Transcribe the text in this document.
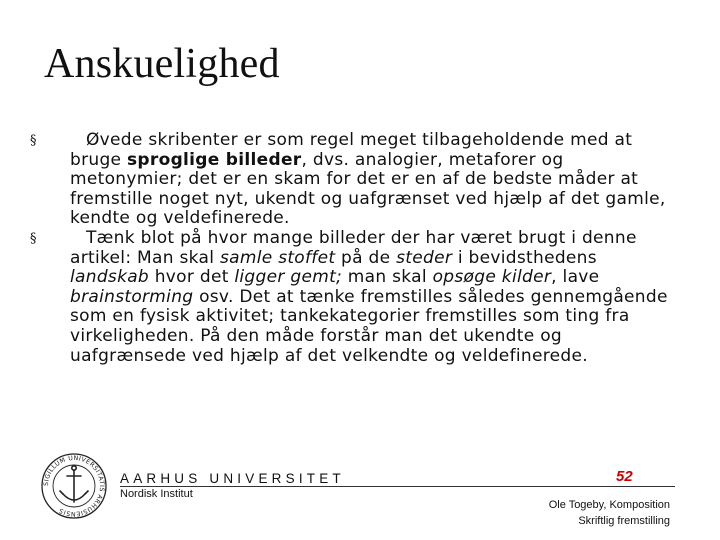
Anskuelighed
§	Øvede skribenter er som regel meget tilbageholdende med at bruge sproglige billeder, dvs. analogier, metaforer og metonymier; det er en skam for det er en af de bedste måder at fremstille noget nyt, ukendt og uafgrænset ved hjælp af det gamle, kendte og veldefinerede.
§	Tænk blot på hvor mange billeder der har været brugt i denne artikel: Man skal samle stoffet på de steder i bevidsthedens landskab hvor det ligger gemt; man skal opsøge kilder, lave brainstorming osv. Det at tænke fremstilles således gennemgående som en fysisk aktivitet; tankekategorier fremstilles som ting fra virkeligheden. På den måde forstår man det ukendte og uafgrænsede ved hjælp af det velkendte og veldefinerede.
SIGILLUM UNIVERSITATIS ARHUSIENSIS
AARHUS UNIVERSITET
Nordisk Institut
52
Ole Togeby, Komposition
Skriftlig fremstilling
